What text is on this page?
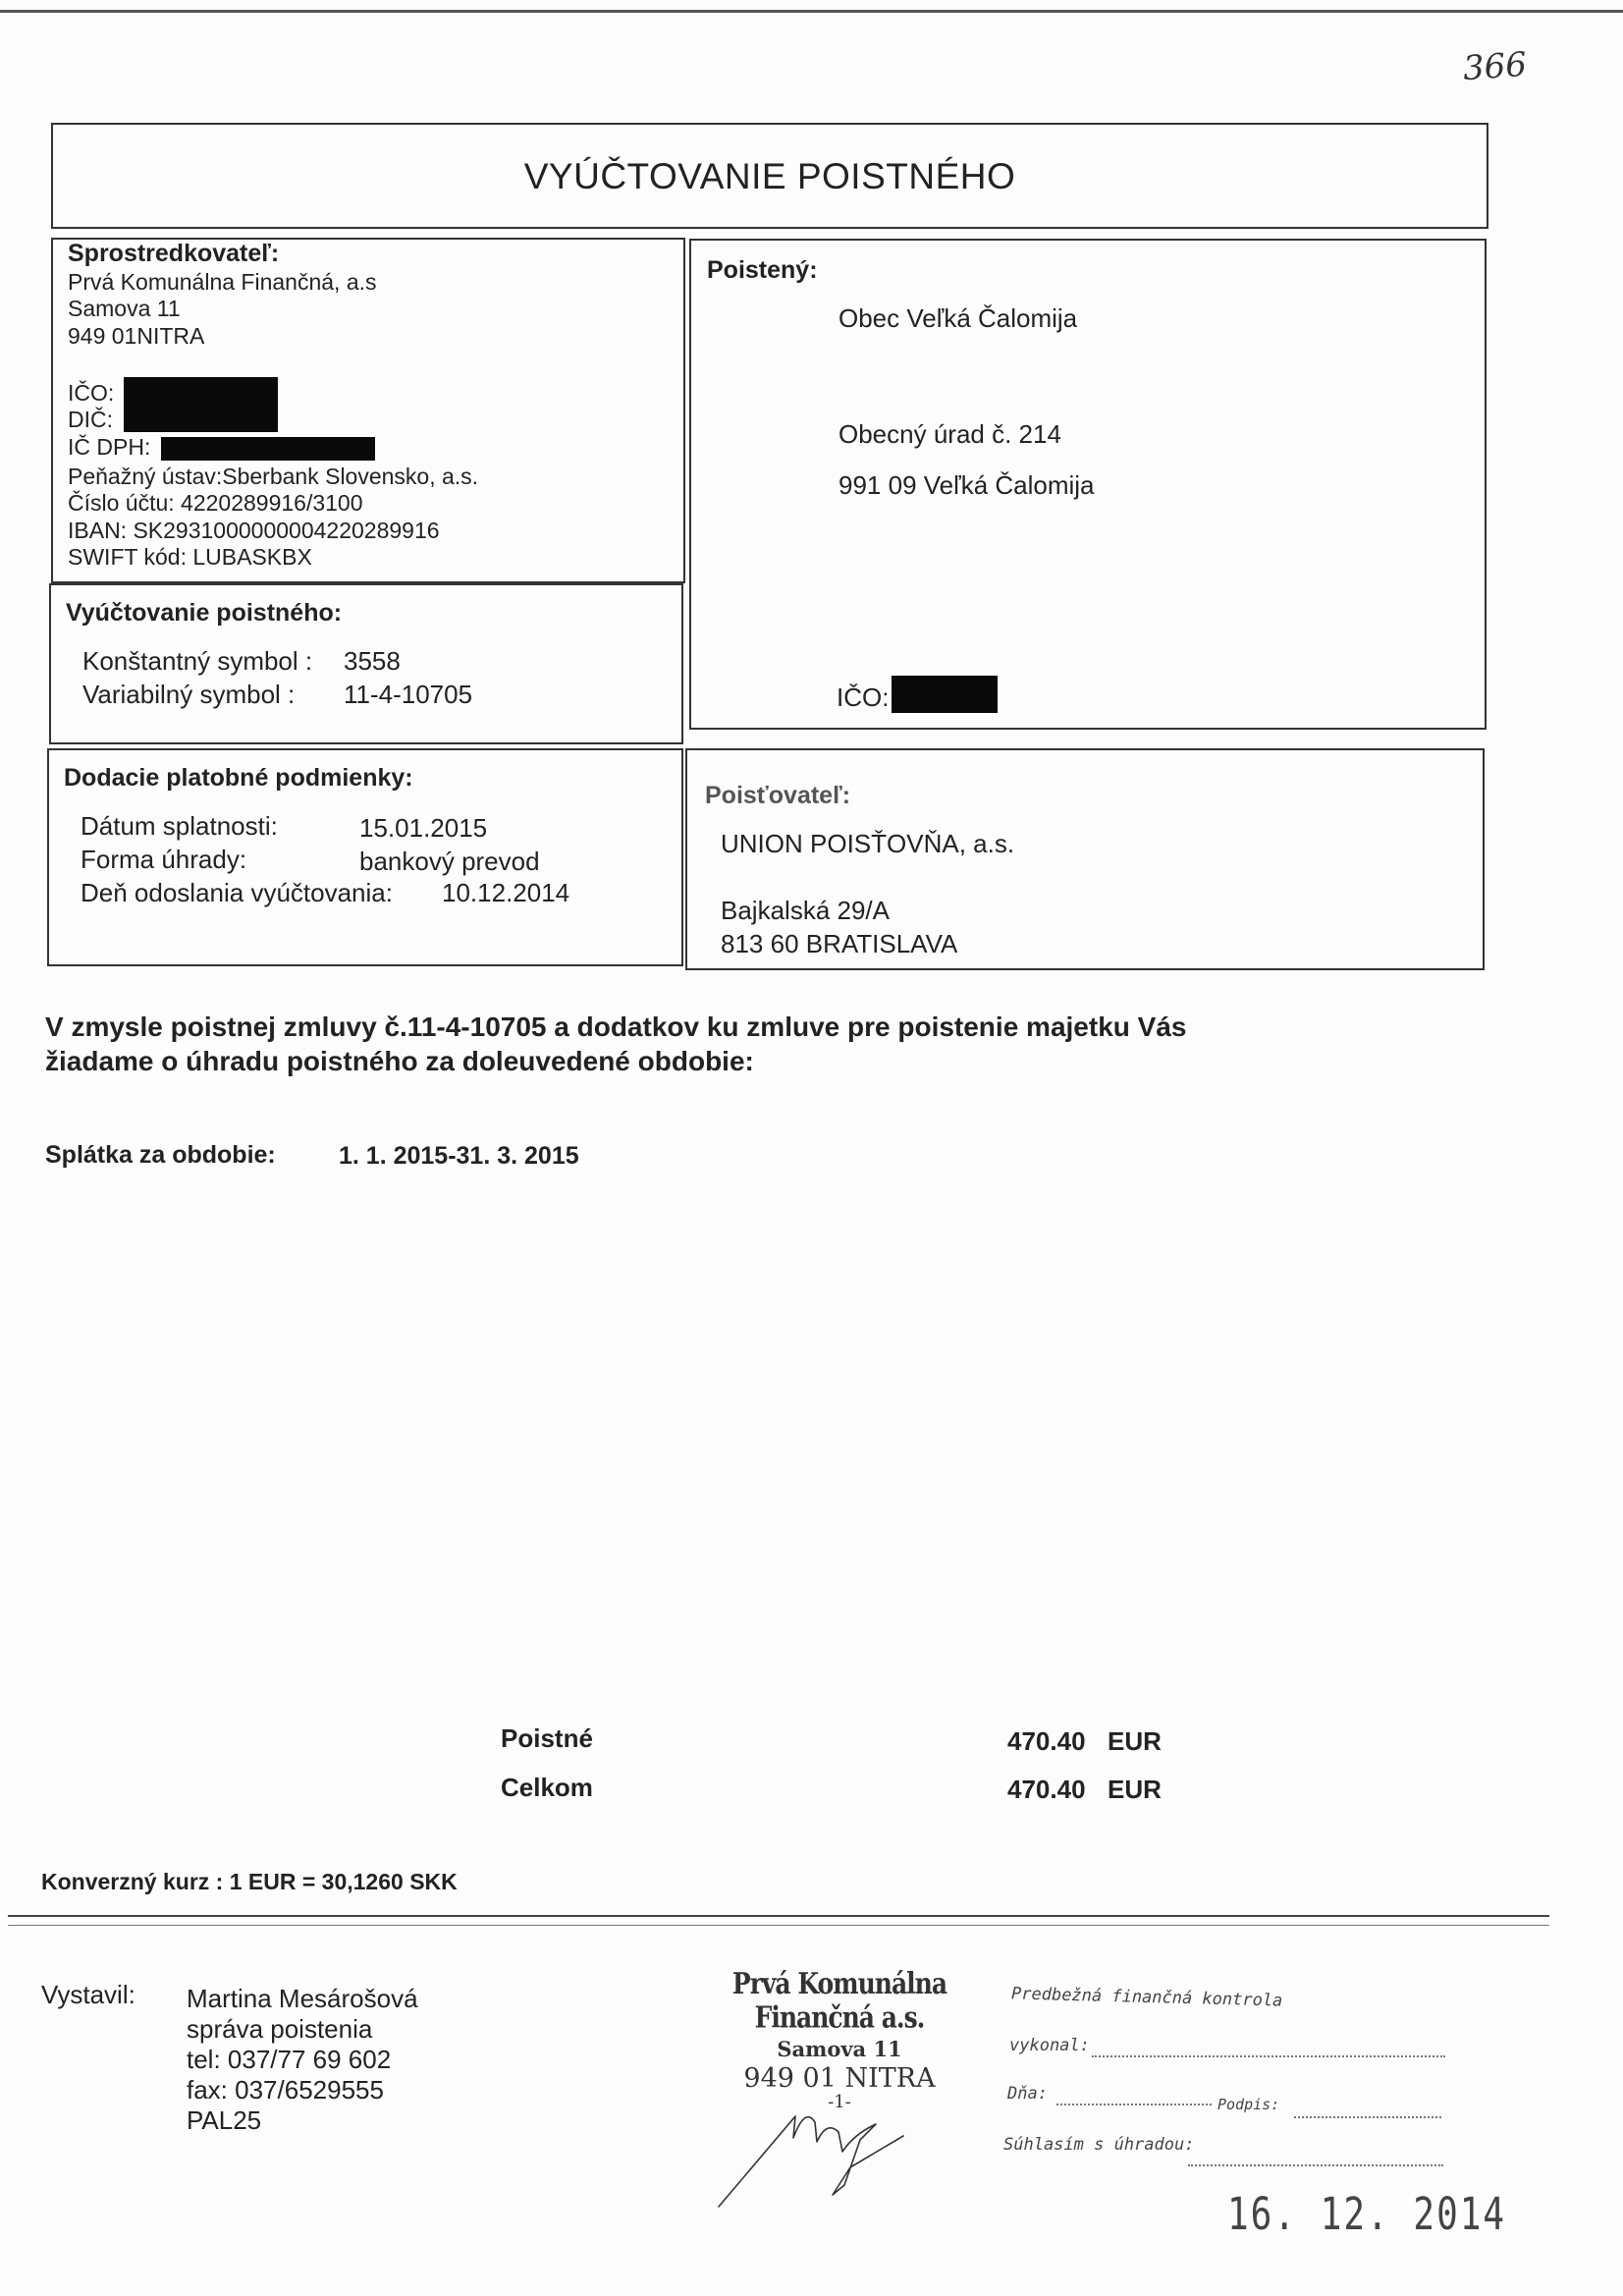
366
VYÚČTOVANIE POISTNÉHO
Sprostredkovateľ:
Prvá Komunálna Finančná, a.s
Samova 11
949 01NITRA
IČO:
DIČ:
IČ DPH:
Peňažný ústav:Sberbank Slovensko, a.s.
Číslo účtu: 4220289916/3100
IBAN: SK2931000000004220289916
SWIFT kód: LUBASKBX
Vyúčtovanie poistného:
Konštantný symbol : 3558
Variabilný symbol : 11-4-10705
Dodacie platobné podmienky:
Dátum splatnosti:	15.01.2015
Forma úhrady:	bankový prevod
Deň odoslania vyúčtovania: 10.12.2014
Poistený:
Obec Veľká Čalomija
Obecný úrad č. 214
991 09 Veľká Čalomija
IČO:
Poisťovateľ:
UNION POISŤOVŇA, a.s.
Bajkalská 29/A
813 60 BRATISLAVA
V zmysle poistnej zmluvy č.11-4-10705 a dodatkov ku zmluve pre poistenie majetku Vás
žiadame o úhradu poistného za doleuvedené obdobie:
Splátka za obdobie:	1. 1. 2015-31. 3. 2015
Poistné	470.40 EUR
Celkom	470.40 EUR
Konverzný kurz : 1 EUR = 30,1260 SKK
Vystavil: Martina Mesárošová
správa poistenia
tel: 037/77 69 602
fax: 037/6529555
PAL25
Prvá Komunálna Finančná a.s.
Samova 11
949 01 NITRA
-1-
Predbežná finančná kontrola
vykonal:
Dňa:
Podpis:
Súhlasím s úhradou:
16. 12. 2014
